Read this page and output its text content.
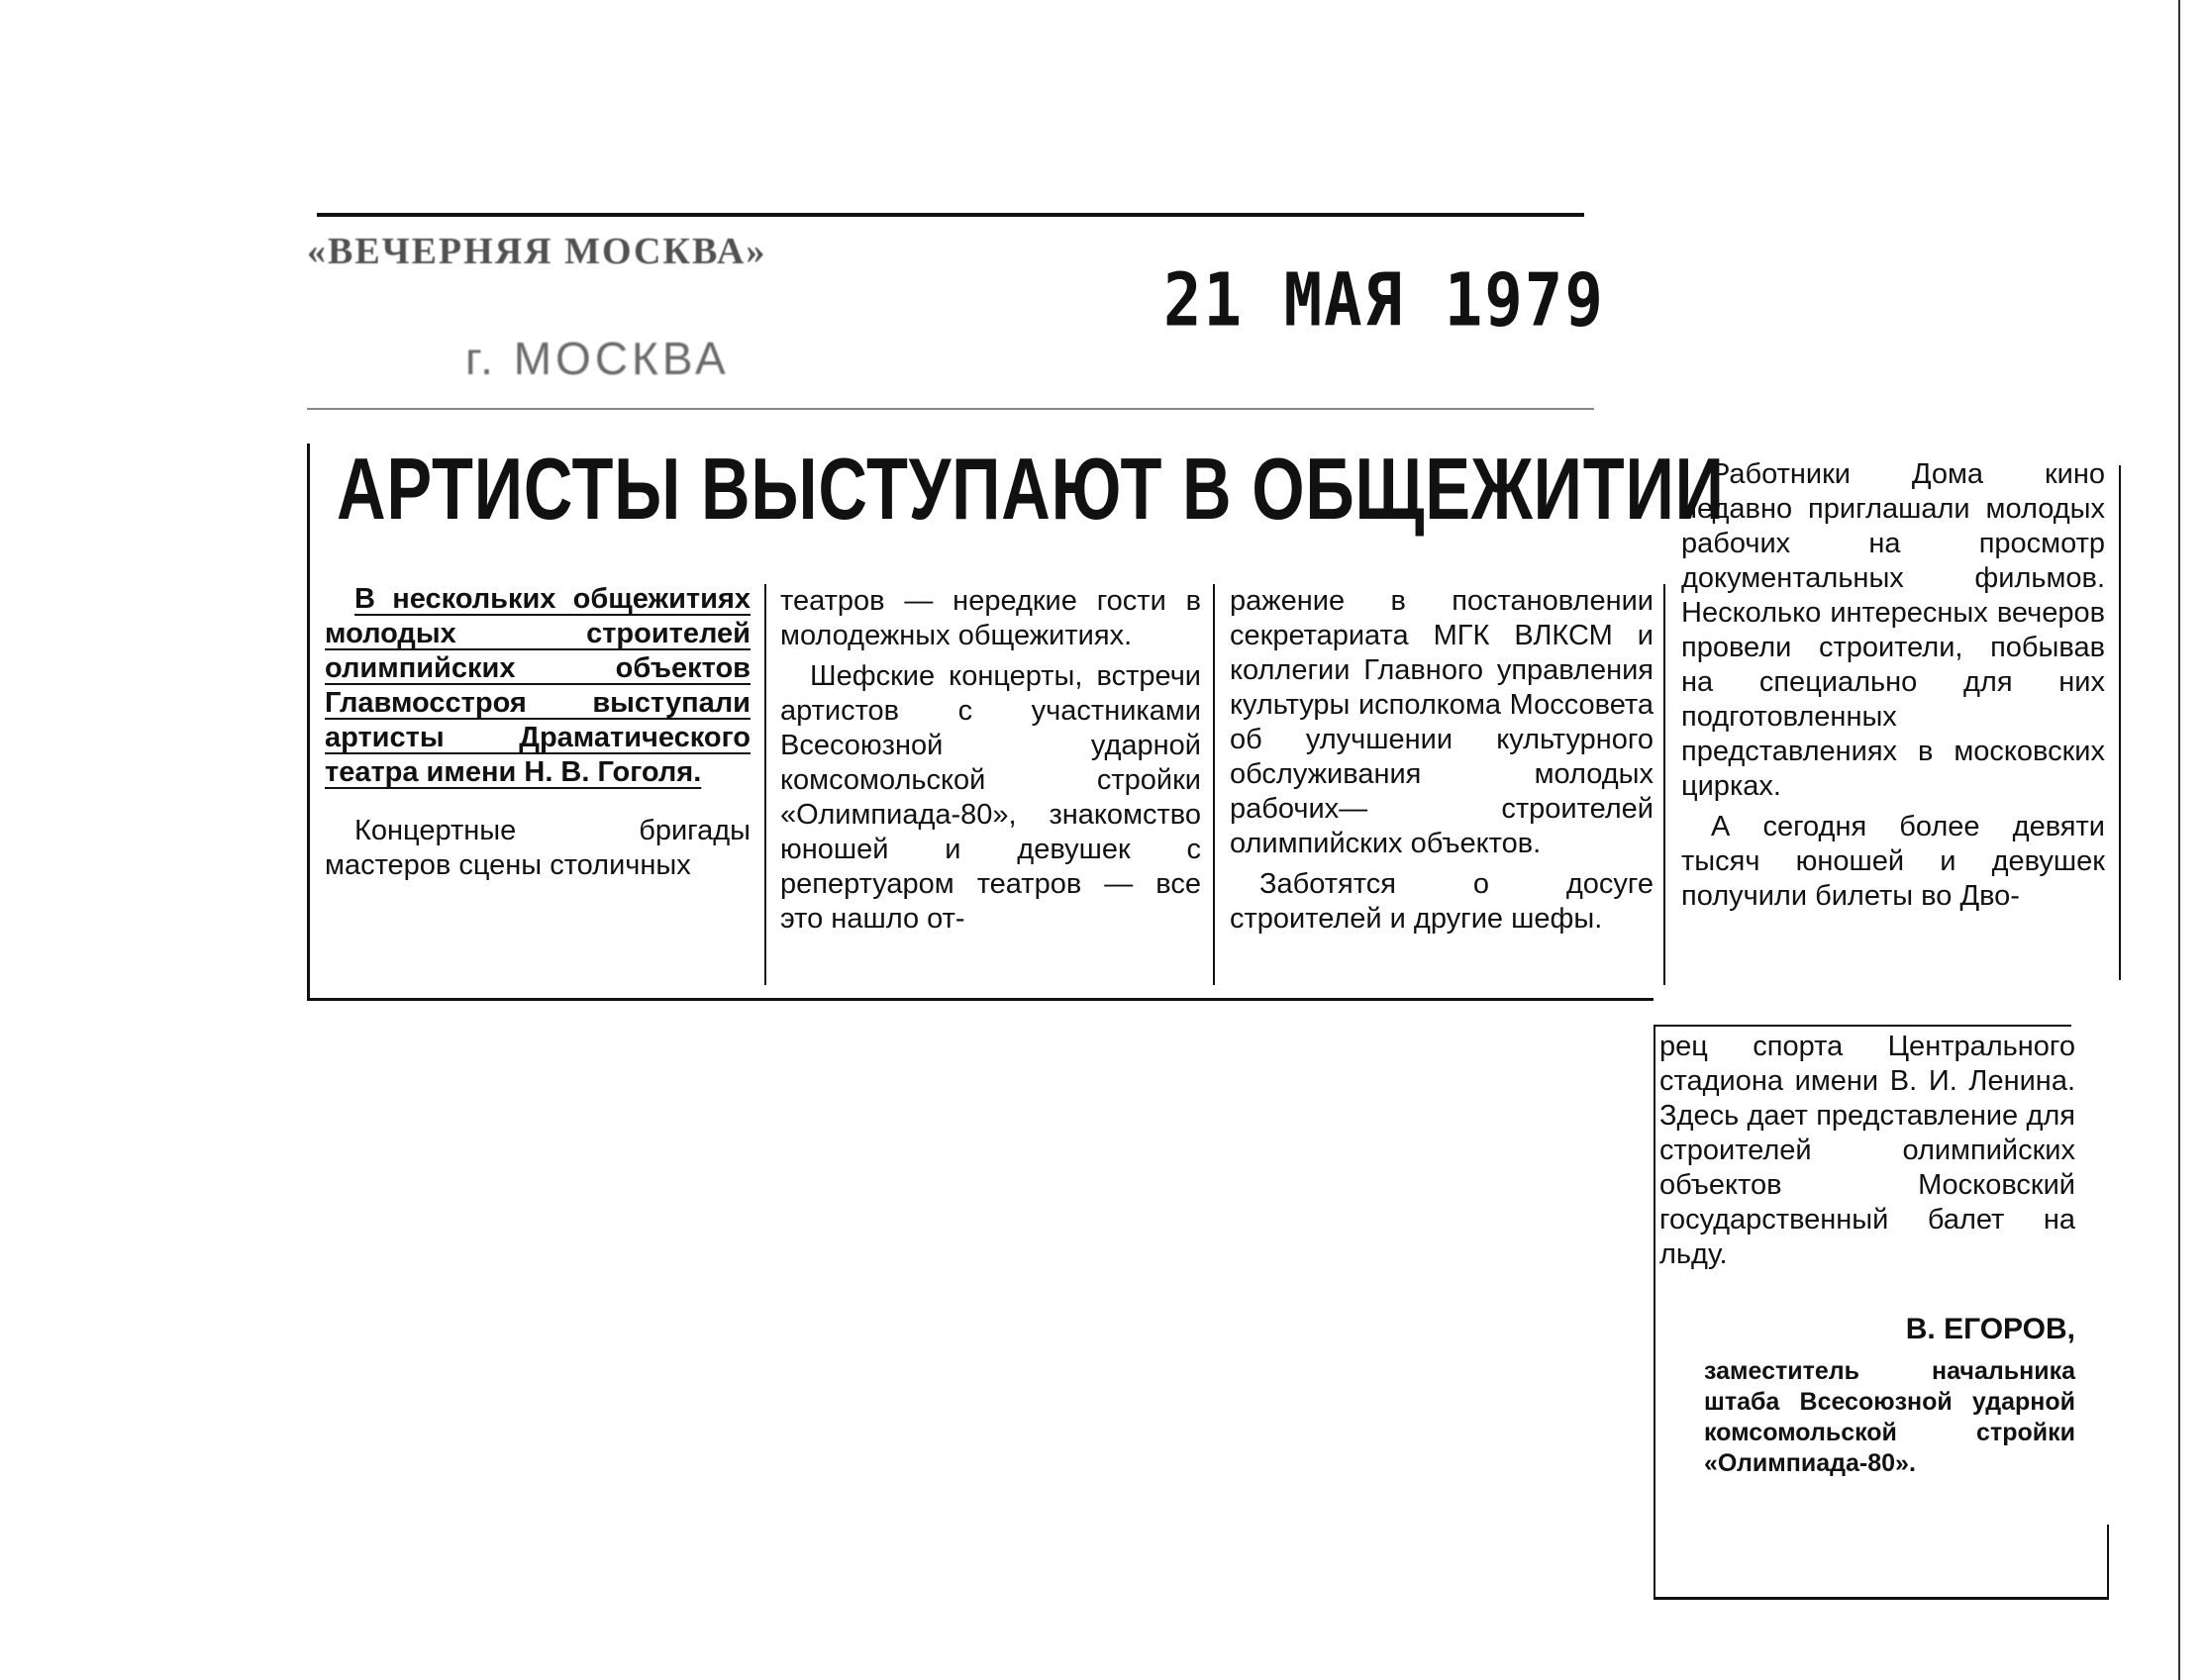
«ВЕЧЕРНЯЯ МОСКВА»
г. МОСКВА
21 МАЯ 1979
АРТИСТЫ ВЫСТУПАЮТ В ОБЩЕЖИТИИ

В нескольких общежитиях молодых строителей олимпийских объектов Главмосстроя выступали артисты Драматического театра имени Н. В. Гоголя.

Концертные бригады мастеров сцены столичных

театров — нередкие гости в молодежных общежитиях.

Шефские концерты, встречи артистов с участниками Всесоюзной ударной комсомольской стройки «Олимпиада-80», знакомство юношей и девушек с репертуаром театров — все это нашло от-

ражение в постановлении секретариата МГК ВЛКСМ и коллегии Главного управления культуры исполкома Моссовета об улучшении культурного обслуживания молодых рабочих— строителей олимпийских объектов.

Заботятся о досуге строителей и другие шефы.

Работники Дома кино недавно приглашали молодых рабочих на просмотр документальных фильмов. Несколько интересных вечеров провели строители, побывав на специально для них подготовленных представлениях в московских цирках.

А сегодня более девяти тысяч юношей и девушек получили билеты во Дво-

рец спорта Центрального стадиона имени В. И. Ленина. Здесь дает представление для строителей олимпийских объектов Московский государственный балет на льду.

В. ЕГОРОВ,
заместитель начальника штаба Всесоюзной ударной комсомольской стройки «Олимпиада-80».
